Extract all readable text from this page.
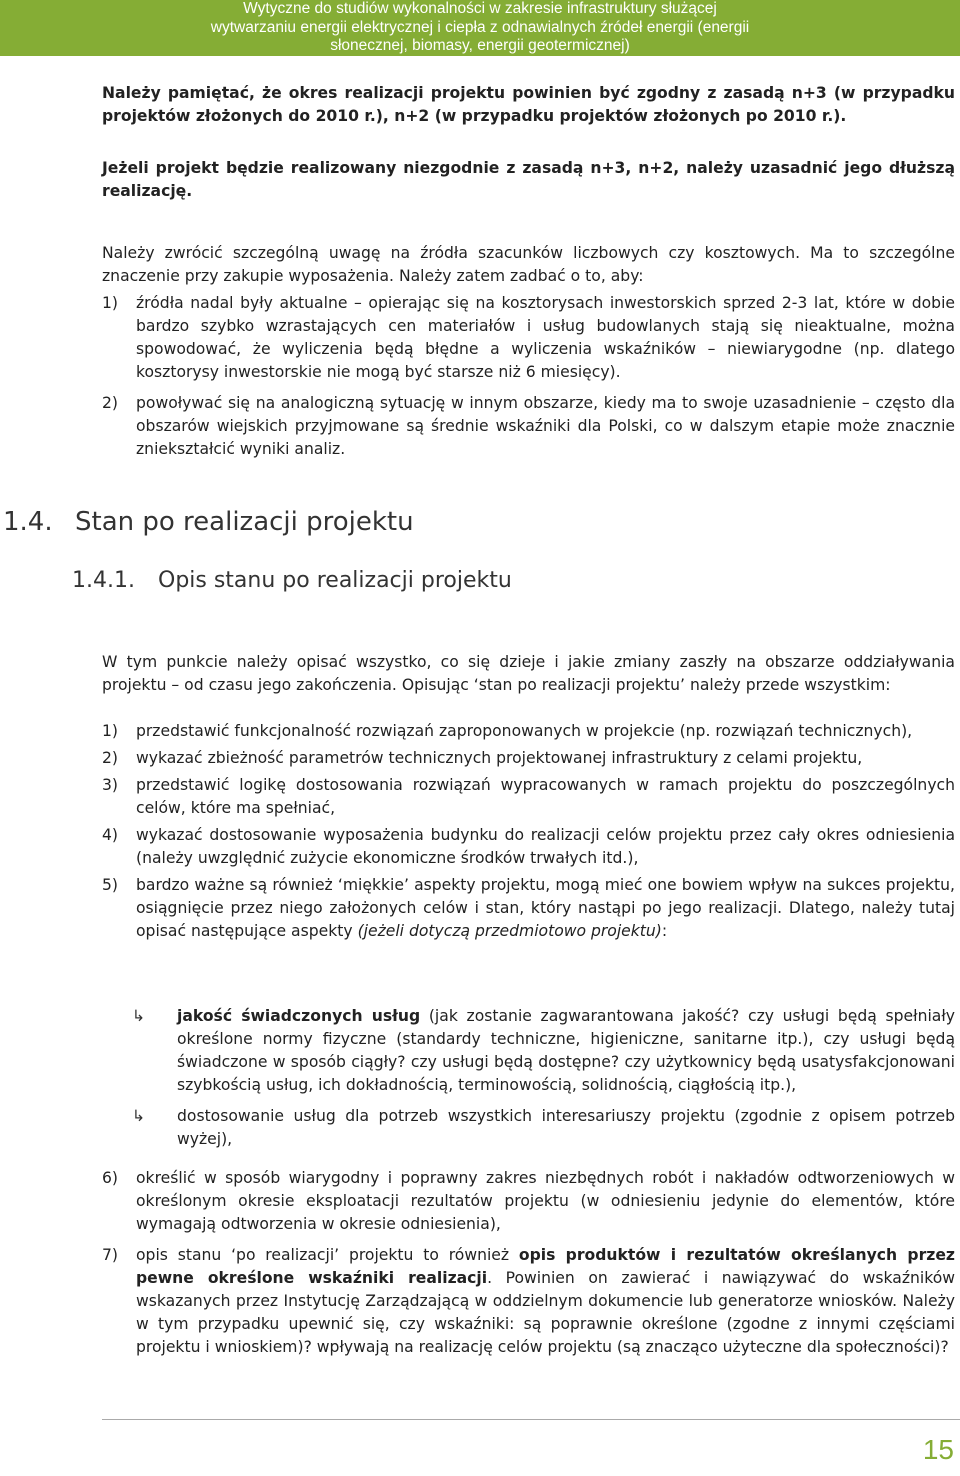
Wytyczne do studiów wykonalności w zakresie infrastruktury służącej
wytwarzaniu energii elektrycznej i ciepła z odnawialnych źródeł energii (energii
słonecznej, biomasy, energii geotermicznej)

Należy pamiętać, że okres realizacji projektu powinien być zgodny z zasadą n+3 (w przypadku projektów złożonych do 2010 r.), n+2 (w przypadku projektów złożonych po 2010 r.).

Jeżeli projekt będzie realizowany niezgodnie z zasadą n+3, n+2, należy uzasadnić jego dłuższą realizację.

Należy zwrócić szczególną uwagę na źródła szacunków liczbowych czy kosztowych. Ma to szczególne znaczenie przy zakupie wyposażenia. Należy zatem zadbać o to, aby:

1) źródła nadal były aktualne – opierając się na kosztorysach inwestorskich sprzed 2-3 lat, które w dobie bardzo szybko wzrastających cen materiałów i usług budowlanych stają się nieaktualne, można spowodować, że wyliczenia będą błędne a wyliczenia wskaźników – niewiarygodne (np. dlatego kosztorysy inwestorskie nie mogą być starsze niż 6 miesięcy).
2) powoływać się na analogiczną sytuację w innym obszarze, kiedy ma to swoje uzasadnienie – często dla obszarów wiejskich przyjmowane są średnie wskaźniki dla Polski, co w dalszym etapie może znacznie zniekształcić wyniki analiz.
1.4. Stan po realizacji projektu
1.4.1. Opis stanu po realizacji projektu

W tym punkcie należy opisać wszystko, co się dzieje i jakie zmiany zaszły na obszarze oddziaływania projektu – od czasu jego zakończenia. Opisując ‘stan po realizacji projektu’ należy przede wszystkim:

1) przedstawić funkcjonalność rozwiązań zaproponowanych w projekcie (np. rozwiązań technicznych),
2) wykazać zbieżność parametrów technicznych projektowanej infrastruktury z celami projektu,
3) przedstawić logikę dostosowania rozwiązań wypracowanych w ramach projektu do poszczególnych celów, które ma spełniać,
4) wykazać dostosowanie wyposażenia budynku do realizacji celów projektu przez cały okres odniesienia (należy uwzględnić zużycie ekonomiczne środków trwałych itd.),
5) bardzo ważne są również ‘miękkie’ aspekty projektu, mogą mieć one bowiem wpływ na sukces projektu, osiągnięcie przez niego założonych celów i stan, który nastąpi po jego realizacji. Dlatego, należy tutaj opisać następujące aspekty (jeżeli dotyczą przedmiotowo projektu):
↳ jakość świadczonych usług (jak zostanie zagwarantowana jakość? czy usługi będą spełniały określone normy fizyczne (standardy techniczne, higieniczne, sanitarne itp.), czy usługi będą świadczone w sposób ciągły? czy usługi będą dostępne? czy użytkownicy będą usatysfakcjonowani szybkością usług, ich dokładnością, terminowością, solidnością, ciągłością itp.),
↳ dostosowanie usług dla potrzeb wszystkich interesariuszy projektu (zgodnie z opisem potrzeb wyżej),
6) określić w sposób wiarygodny i poprawny zakres niezbędnych robót i nakładów odtworzeniowych w określonym okresie eksploatacji rezultatów projektu (w odniesieniu jedynie do elementów, które wymagają odtworzenia w okresie odniesienia),
7) opis stanu ‘po realizacji’ projektu to również opis produktów i rezultatów określanych przez pewne określone wskaźniki realizacji. Powinien on zawierać i nawiązywać do wskaźników wskazanych przez Instytucję Zarządzającą w oddzielnym dokumencie lub generatorze wniosków. Należy w tym przypadku upewnić się, czy wskaźniki: są poprawnie określone (zgodne z innymi częściami projektu i wnioskiem)? wpływają na realizację celów projektu (są znacząco użyteczne dla społeczności)?
15
